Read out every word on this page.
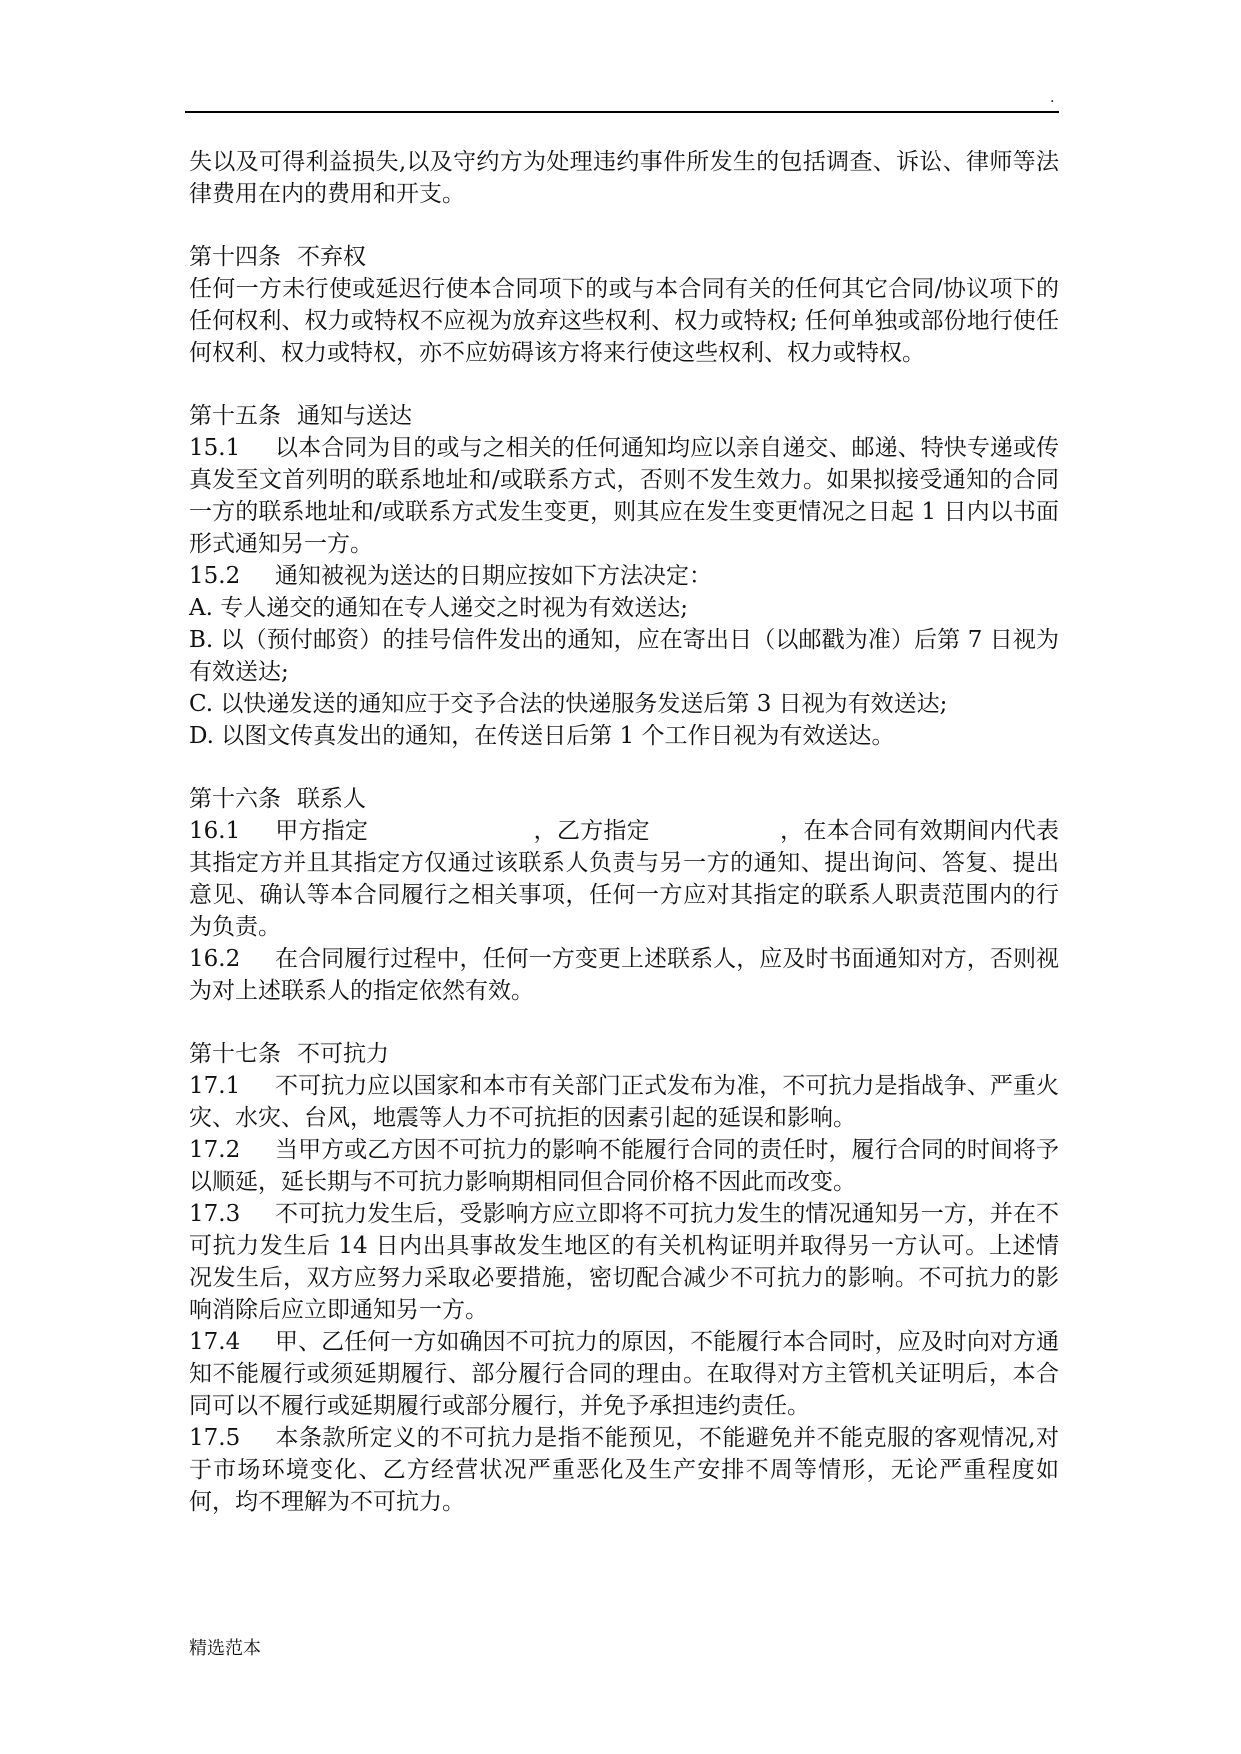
.

失以及可得利益损失,以及守约方为处理违约事件所发生的包括调查、诉讼、律师等法律费用在内的费用和开支。

第十四条 不弃权

任何一方未行使或延迟行使本合同项下的或与本合同有关的任何其它合同/协议项下的任何权利、权力或特权不应视为放弃这些权利、权力或特权; 任何单独或部份地行使任何权利、权力或特权，亦不应妨碍该方将来行使这些权利、权力或特权。

第十五条 通知与送达

15.1 以本合同为目的或与之相关的任何通知均应以亲自递交、邮递、特快专递或传真发至文首列明的联系地址和/或联系方式，否则不发生效力。如果拟接受通知的合同一方的联系地址和/或联系方式发生变更，则其应在发生变更情况之日起 1 日内以书面形式通知另一方。

15.2 通知被视为送达的日期应按如下方法决定：

A. 专人递交的通知在专人递交之时视为有效送达;

B. 以（预付邮资）的挂号信件发出的通知，应在寄出日（以邮戳为准）后第 7 日视为有效送达;

C. 以快递发送的通知应于交予合法的快递服务发送后第 3 日视为有效送达;

D. 以图文传真发出的通知，在传送日后第 1 个工作日视为有效送达。

第十六条 联系人

16.1 甲方指定	，乙方指定	，在本合同有效期间内代表其指定方并且其指定方仅通过该联系人负责与另一方的通知、提出询问、答复、提出意见、确认等本合同履行之相关事项，任何一方应对其指定的联系人职责范围内的行为负责。

16.2 在合同履行过程中，任何一方变更上述联系人，应及时书面通知对方，否则视为对上述联系人的指定依然有效。

第十七条 不可抗力

17.1 不可抗力应以国家和本市有关部门正式发布为准，不可抗力是指战争、严重火灾、水灾、台风，地震等人力不可抗拒的因素引起的延误和影响。

17.2 当甲方或乙方因不可抗力的影响不能履行合同的责任时，履行合同的时间将予以顺延，延长期与不可抗力影响期相同但合同价格不因此而改变。

17.3 不可抗力发生后，受影响方应立即将不可抗力发生的情况通知另一方，并在不可抗力发生后 14 日内出具事故发生地区的有关机构证明并取得另一方认可。上述情况发生后，双方应努力采取必要措施，密切配合减少不可抗力的影响。不可抗力的影响消除后应立即通知另一方。

17.4 甲、乙任何一方如确因不可抗力的原因，不能履行本合同时，应及时向对方通知不能履行或须延期履行、部分履行合同的理由。在取得对方主管机关证明后，本合同可以不履行或延期履行或部分履行，并免予承担违约责任。

17.5 本条款所定义的不可抗力是指不能预见，不能避免并不能克服的客观情况,对于市场环境变化、乙方经营状况严重恶化及生产安排不周等情形，无论严重程度如何，均不理解为不可抗力。

精选范本
